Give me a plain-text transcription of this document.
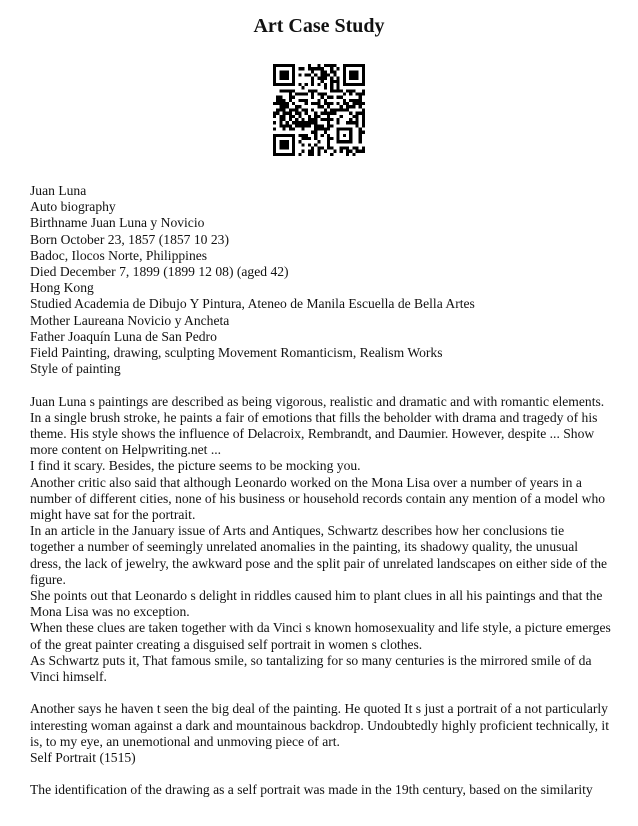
Art Case Study
Juan Luna
Auto biography
Birthname Juan Luna y Novicio
Born October 23, 1857 (1857 10 23)
Badoc, Ilocos Norte, Philippines
Died December 7, 1899 (1899 12 08) (aged 42)
Hong Kong
Studied Academia de Dibujo Y Pintura, Ateneo de Manila Escuella de Bella Artes
Mother Laureana Novicio y Ancheta
Father Joaquín Luna de San Pedro
Field Painting, drawing, sculpting Movement Romanticism, Realism Works
Style of painting
Juan Luna s paintings are described as being vigorous, realistic and dramatic and with romantic elements. In a single brush stroke, he paints a fair of emotions that fills the beholder with drama and tragedy of his theme. His style shows the influence of Delacroix, Rembrandt, and Daumier. However, despite ... Show more content on Helpwriting.net ...
I find it scary. Besides, the picture seems to be mocking you.
Another critic also said that although Leonardo worked on the Mona Lisa over a number of years in a number of different cities, none of his business or household records contain any mention of a model who might have sat for the portrait.
In an article in the January issue of Arts and Antiques, Schwartz describes how her conclusions tie together a number of seemingly unrelated anomalies in the painting, its shadowy quality, the unusual dress, the lack of jewelry, the awkward pose and the split pair of unrelated landscapes on either side of the figure.
She points out that Leonardo s delight in riddles caused him to plant clues in all his paintings and that the Mona Lisa was no exception.
When these clues are taken together with da Vinci s known homosexuality and life style, a picture emerges of the great painter creating a disguised self portrait in women s clothes.
As Schwartz puts it, That famous smile, so tantalizing for so many centuries is the mirrored smile of da Vinci himself.
Another says he haven t seen the big deal of the painting. He quoted It s just a portrait of a not particularly interesting woman against a dark and mountainous backdrop. Undoubtedly highly proficient technically, it is, to my eye, an unemotional and unmoving piece of art.
Self Portrait (1515)
The identification of the drawing as a self portrait was made in the 19th century, based on the similarity
